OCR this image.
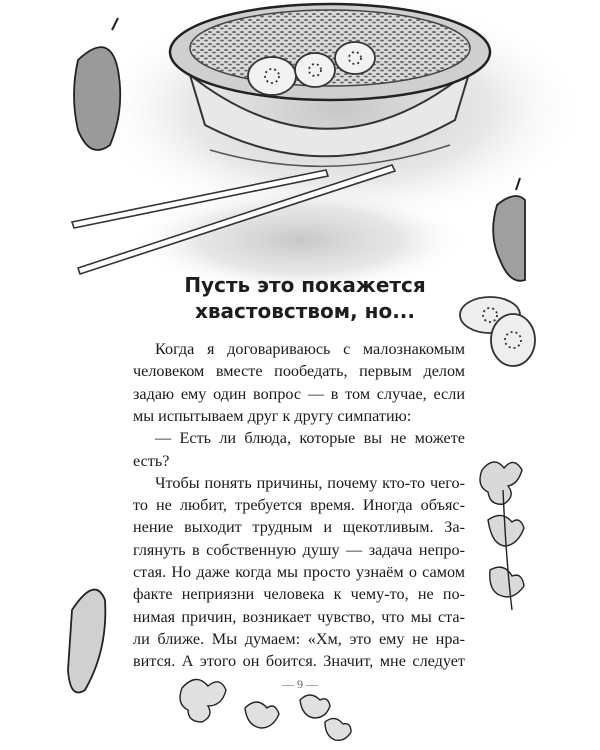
Пусть это покажется
хвастовством, но...
Когда я договариваюсь с малознакомым
человеком вместе пообедать, первым делом
задаю ему один вопрос — в том случае, если
мы испытываем друг к другу симпатию:
— Есть ли блюда, которые вы не можете
есть?
Чтобы понять причины, почему кто-то чего-
то не любит, требуется время. Иногда объяс-
нение выходит трудным и щекотливым. За-
глянуть в собственную душу — задача непро-
стая. Но даже когда мы просто узнаём о самом
факте неприязни человека к чему-то, не по-
нимая причин, возникает чувство, что мы ста-
ли ближе. Мы думаем: «Хм, это ему не нра-
вится. А этого он боится. Значит, мне следует
— 9 —
